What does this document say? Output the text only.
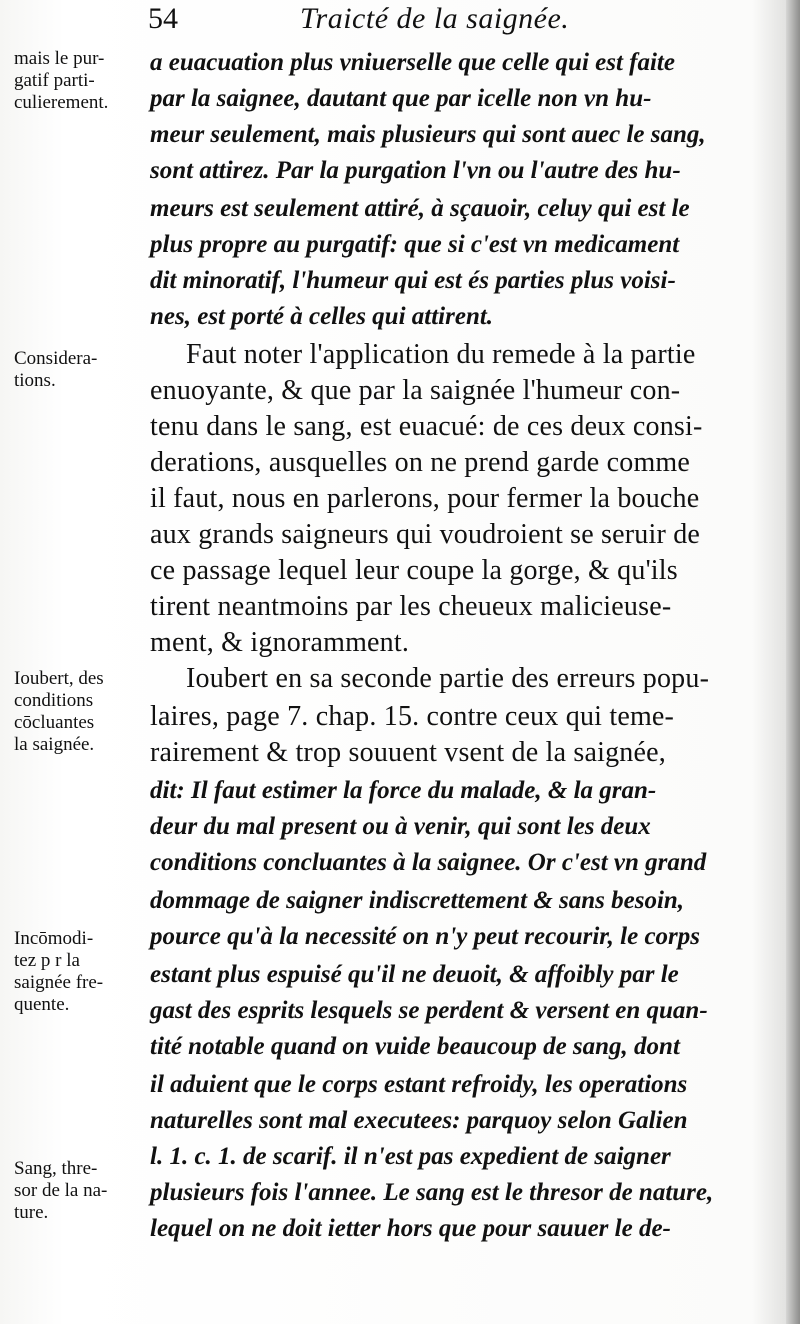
54	Traicté de la saignée.
mais le pur-
gatif parti-
culierement.
Considera-
tions.
Ioubert, des
conditions
cōcluantes
la saignée.
Incōmodi-
tez p r la
saignée fre-
quente.
Sang, thre-
sor de la na-
ture.
a euacuation plus vniuerselle que celle qui est faite
par la saignee, dautant que par icelle non vn hu-
meur seulement, mais plusieurs qui sont auec le sang,
sont attirez. Par la purgation l'vn ou l'autre des hu-
meurs est seulement attiré, à sçauoir, celuy qui est le
plus propre au purgatif: que si c'est vn medicament
dit minoratif, l'humeur qui est és parties plus voisi-
nes, est porté à celles qui attirent.
Faut noter l'application du remede à la partie
enuoyante, & que par la saignée l'humeur con-
tenu dans le sang, est euacué: de ces deux consi-
derations, ausquelles on ne prend garde comme
il faut, nous en parlerons, pour fermer la bouche
aux grands saigneurs qui voudroient se seruir de
ce passage lequel leur coupe la gorge, & qu'ils
tirent neantmoins par les cheueux malicieuse-
ment, & ignoramment.
Ioubert en sa seconde partie des erreurs popu-
laires, page 7. chap. 15. contre ceux qui teme-
rairement & trop souuent vsent de la saignée,
dit: Il faut estimer la force du malade, & la gran-
deur du mal present ou à venir, qui sont les deux
conditions concluantes à la saignee. Or c'est vn grand
dommage de saigner indiscrettement & sans besoin,
pource qu'à la necessité on n'y peut recourir, le corps
estant plus espuisé qu'il ne deuoit, & affoibly par le
gast des esprits lesquels se perdent & versent en quan-
tité notable quand on vuide beaucoup de sang, dont
il aduient que le corps estant refroidy, les operations
naturelles sont mal executees: parquoy selon Galien
l. 1. c. 1. de scarif. il n'est pas expedient de saigner
plusieurs fois l'annee. Le sang est le thresor de nature,
lequel on ne doit ietter hors que pour sauuer le de-
